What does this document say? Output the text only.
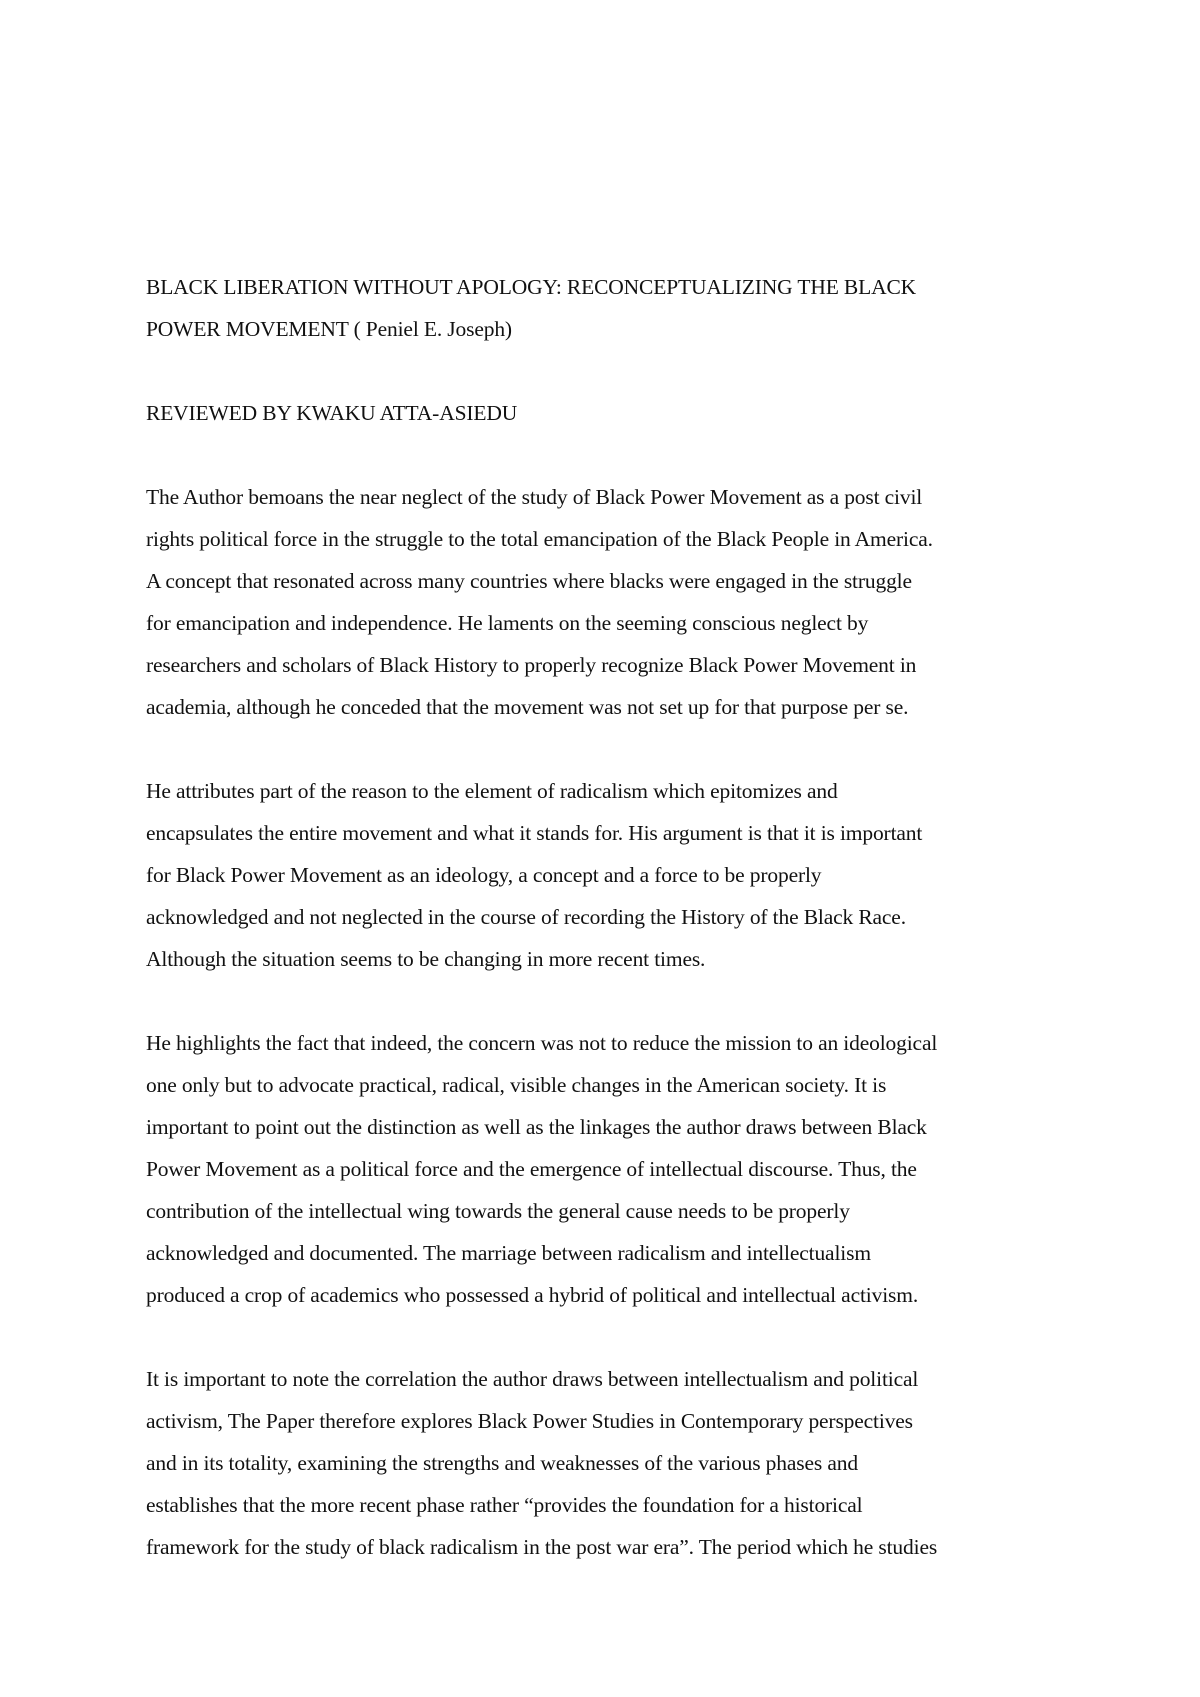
BLACK LIBERATION WITHOUT APOLOGY: RECONCEPTUALIZING THE BLACK
POWER MOVEMENT ( Peniel E. Joseph)

REVIEWED BY KWAKU ATTA-ASIEDU

The Author bemoans the near neglect of the study of Black Power Movement as a post civil
rights political force in the struggle to the total emancipation of the Black People in America.
A concept that resonated across many countries where blacks were engaged in the struggle
for emancipation and independence. He laments on the seeming conscious neglect by
researchers and scholars of Black History to properly recognize Black Power Movement in
academia, although he conceded that the movement was not set up for that purpose per se.

He attributes part of the reason to the element of radicalism which epitomizes and
encapsulates the entire movement and what it stands for. His argument is that it is important
for Black Power Movement as an ideology, a concept and a force to be properly
acknowledged and not neglected in the course of recording the History of the Black Race.
Although the situation seems to be changing in more recent times.

He highlights the fact that indeed, the concern was not to reduce the mission to an ideological
one only but to advocate practical, radical, visible changes in the American society. It is
important to point out the distinction as well as the linkages the author draws between Black
Power Movement as a political force and the emergence of intellectual discourse. Thus, the
contribution of the intellectual wing towards the general cause needs to be properly
acknowledged and documented. The marriage between radicalism and intellectualism
produced a crop of academics who possessed a hybrid of political and intellectual activism.

It is important to note the correlation the author draws between intellectualism and political
activism, The Paper therefore explores Black Power Studies in Contemporary perspectives
and in its totality, examining the strengths and weaknesses of the various phases and
establishes that the more recent phase rather “provides the foundation for a historical
framework for the study of black radicalism in the post war era”. The period which he studies
